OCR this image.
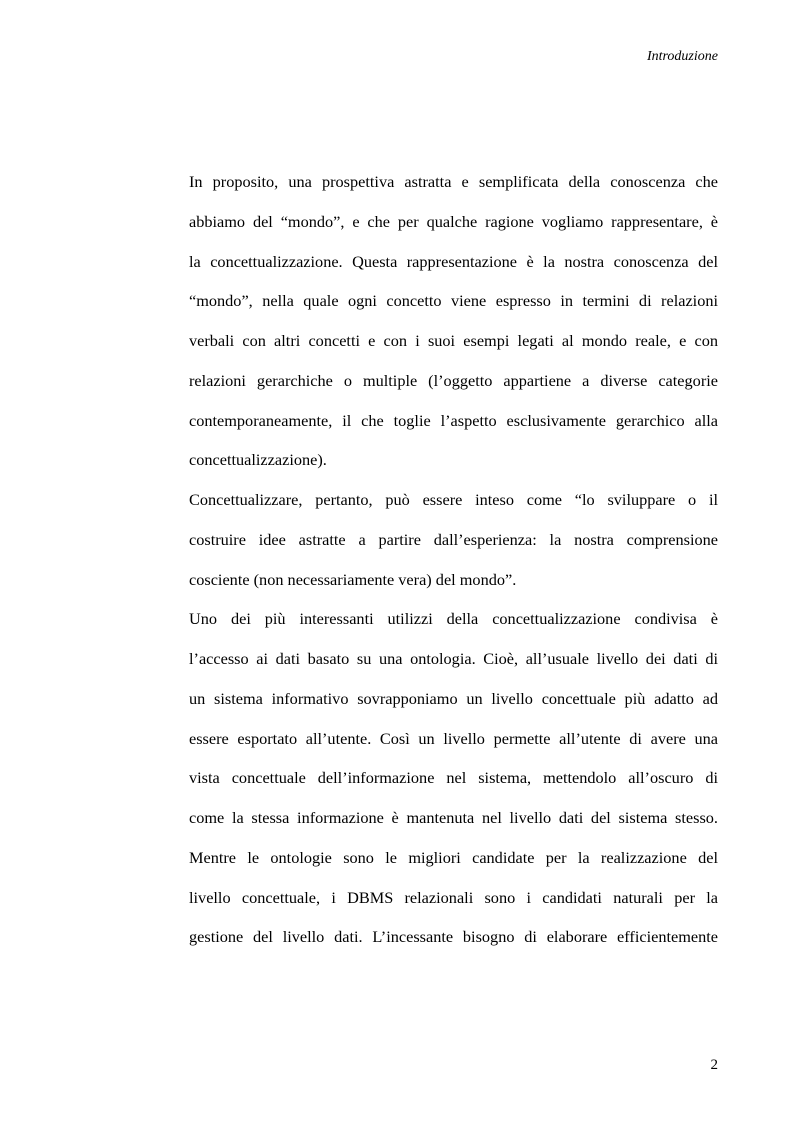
Introduzione
In proposito, una prospettiva astratta e semplificata della conoscenza che
abbiamo del “mondo”, e che per qualche ragione vogliamo rappresentare, è
la concettualizzazione. Questa rappresentazione è la nostra conoscenza del
“mondo”, nella quale ogni concetto viene espresso in termini di relazioni
verbali con altri concetti e con i suoi esempi legati al mondo reale, e con
relazioni gerarchiche o multiple (l’oggetto appartiene a diverse categorie
contemporaneamente, il che toglie l’aspetto esclusivamente gerarchico alla
concettualizzazione).
Concettualizzare, pertanto, può essere inteso come “lo sviluppare o il
costruire idee astratte a partire dall’esperienza: la nostra comprensione
cosciente (non necessariamente vera) del mondo”.
Uno dei più interessanti utilizzi della concettualizzazione condivisa è
l’accesso ai dati basato su una ontologia. Cioè, all’usuale livello dei dati di
un sistema informativo sovrapponiamo un livello concettuale più adatto ad
essere esportato all’utente. Così un livello permette all’utente di avere una
vista concettuale dell’informazione nel sistema, mettendolo all’oscuro di
come la stessa informazione è mantenuta nel livello dati del sistema stesso.
Mentre le ontologie sono le migliori candidate per la realizzazione del
livello concettuale, i DBMS relazionali sono i candidati naturali per la
gestione del livello dati. L’incessante bisogno di elaborare efficientemente
2
